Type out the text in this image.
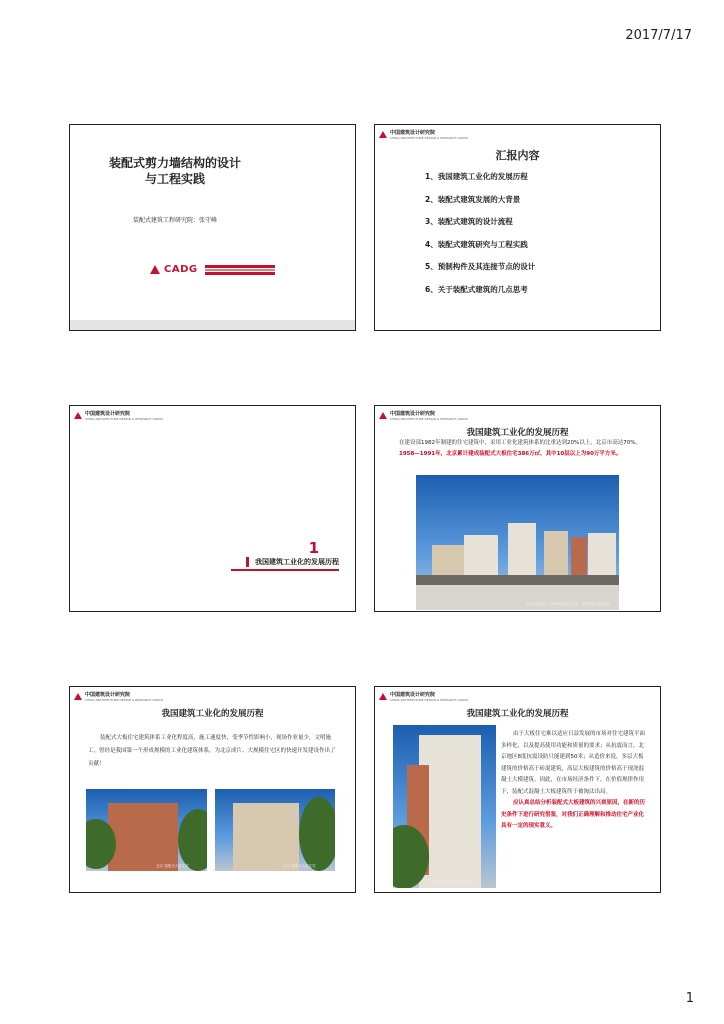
2017/7/17
装配式剪力墙结构的设计
与工程实践
装配式建筑工程研究院：张守峰
CADG
中国建筑设计研究院
CHINA ARCHITECTURE DESIGN & RESEARCH GROUP
汇报内容
1、我国建筑工业化的发展历程
2、装配式建筑发展的大背景
3、装配式建筑的设计流程
4、装配式建筑研究与工程实践
5、预制构件及其连接节点的设计
6、关于装配式建筑的几点思考
中国建筑设计研究院
CHINA ARCHITECTURE DESIGN & RESEARCH GROUP
1
我国建筑工业化的发展历程
中国建筑设计研究院
CHINA ARCHITECTURE DESIGN & RESEARCH GROUP
我国建筑工业化的发展历程
在建设部1982年制建的住宅建筑中，采用工业化建筑体系的比重达到20%以上，北京市高达70%。1958—1991年，北京累计建成装配式大板住宅386万㎡，其中10层以上为90万平方米。
北京大板住宅 1976年建成住宅楼，预制外墙大板建筑
中国建筑设计研究院
CHINA ARCHITECTURE DESIGN & RESEARCH GROUP
我国建筑工业化的发展历程
装配式大板住宅建筑体系工业化程度高，施工速度快，受季节性影响小，现场作业量少，文明施工，曾经是我国第一个形成规模的工业化建筑体系，为北京成片、大规模住宅区的快速开发建设作出了贡献！
北京 装配式大板住宅	北京 装配式大板住宅
中国建筑设计研究院
CHINA ARCHITECTURE DESIGN & RESEARCH GROUP
我国建筑工业化的发展历程
图二十 1980年北京大板住宅
由于大板住宅难以适应日益发展的市场对住宅建筑平面多样化，以及提高使用功能和质量的要求；从抗震而言，北京地区8度抗震设防只能建到50米；从造价来说，多层大板建筑的价格高于砖混建筑，高层大板建筑的价格高于现浇混凝土大模建筑。因此，在市场经济条件下，在价值规律作用下，装配式混凝土大板建筑终于被淘汰出局。
应认真总结分析装配式大板建筑的兴衰原因，在新的历史条件下进行研究借鉴，对我们正确理解和推动住宅产业化具有一定的现实意义。
1
